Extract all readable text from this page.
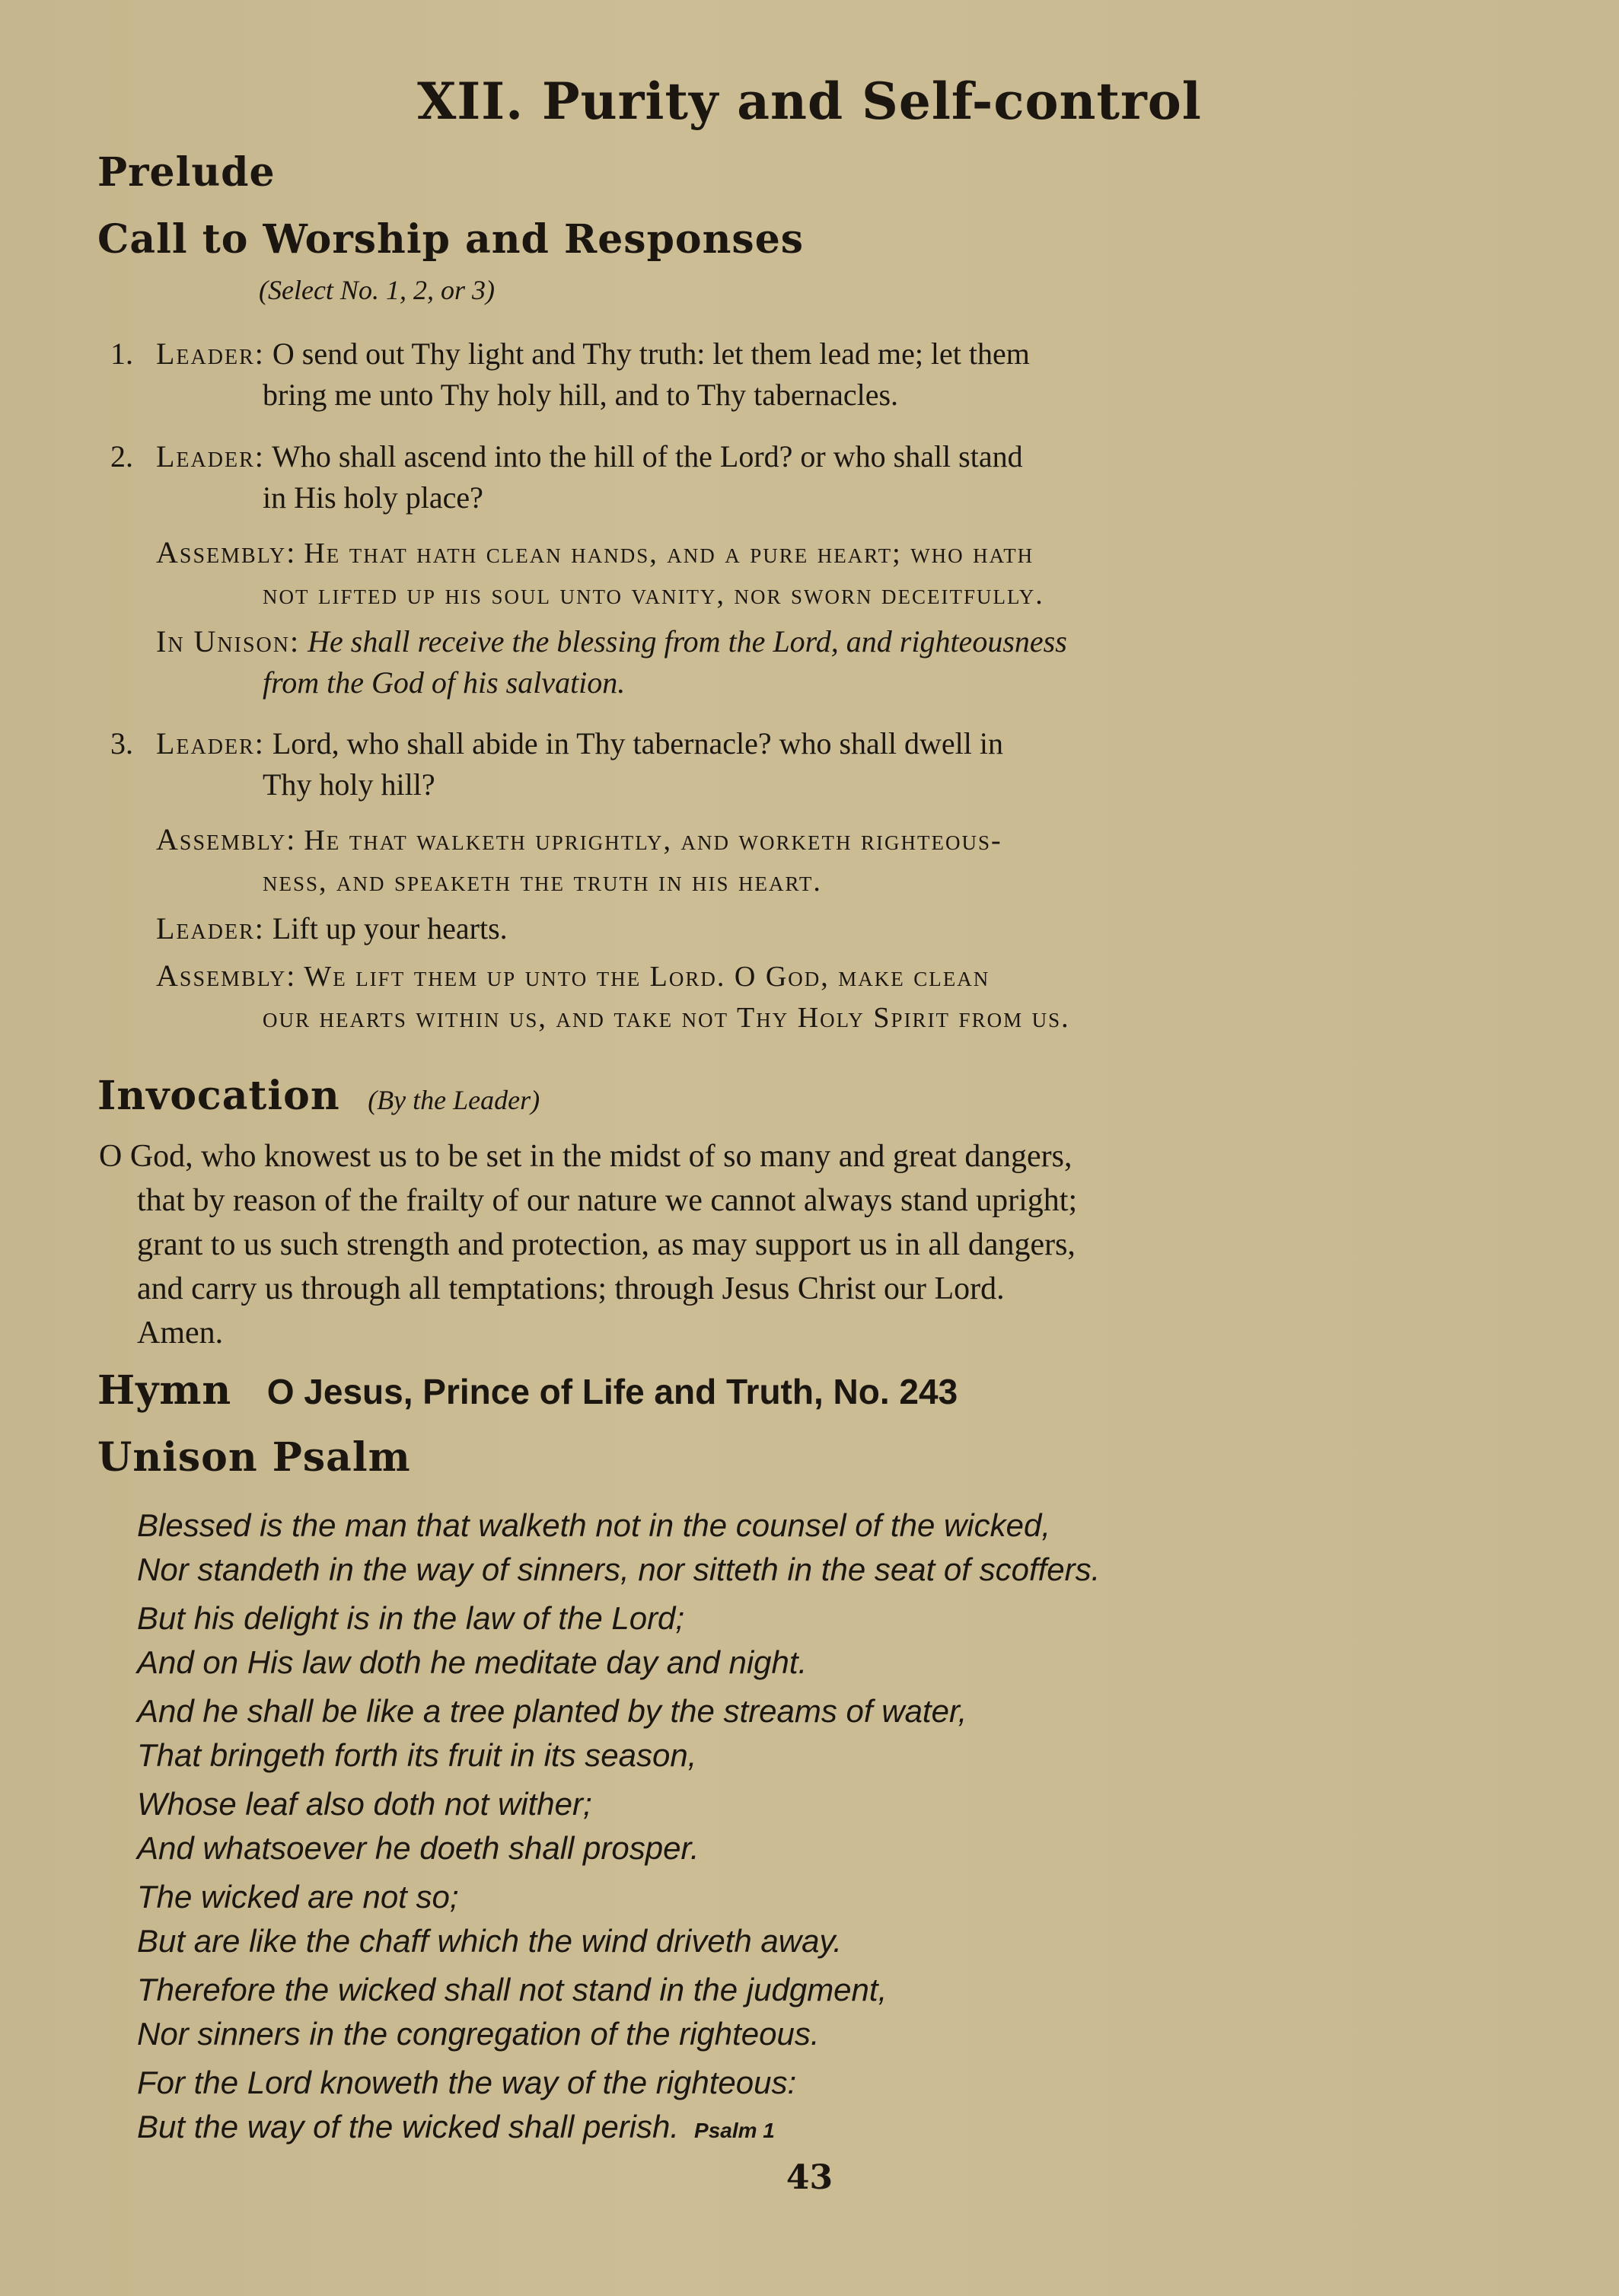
XII. Purity and Self-control
Prelude
Call to Worship and Responses
(Select No. 1, 2, or 3)
1. Leader: O send out Thy light and Thy truth: let them lead me; let them
bring me unto Thy holy hill, and to Thy tabernacles.
2. Leader: Who shall ascend into the hill of the Lord? or who shall stand
in His holy place?
Assembly: He that hath clean hands, and a pure heart; who hath
not lifted up his soul unto vanity, nor sworn deceitfully.
In Unison: He shall receive the blessing from the Lord, and righteousness
from the God of his salvation.
3. Leader: Lord, who shall abide in Thy tabernacle? who shall dwell in
Thy holy hill?
Assembly: He that walketh uprightly, and worketh righteous-
ness, and speaketh the truth in his heart.
Leader: Lift up your hearts.
Assembly: We lift them up unto the Lord. O God, make clean
our hearts within us, and take not Thy Holy Spirit from us.
Invocation (By the Leader)
O God, who knowest us to be set in the midst of so many and great dangers,
that by reason of the frailty of our nature we cannot always stand upright;
grant to us such strength and protection, as may support us in all dangers,
and carry us through all temptations; through Jesus Christ our Lord.
Amen.
Hymn O Jesus, Prince of Life and Truth, No. 243
Unison Psalm
Blessed is the man that walketh not in the counsel of the wicked,
Nor standeth in the way of sinners, nor sitteth in the seat of scoffers.
But his delight is in the law of the Lord;
And on His law doth he meditate day and night.
And he shall be like a tree planted by the streams of water,
That bringeth forth its fruit in its season,
Whose leaf also doth not wither;
And whatsoever he doeth shall prosper.
The wicked are not so;
But are like the chaff which the wind driveth away.
Therefore the wicked shall not stand in the judgment,
Nor sinners in the congregation of the righteous.
For the Lord knoweth the way of the righteous:
But the way of the wicked shall perish. Psalm 1
43
